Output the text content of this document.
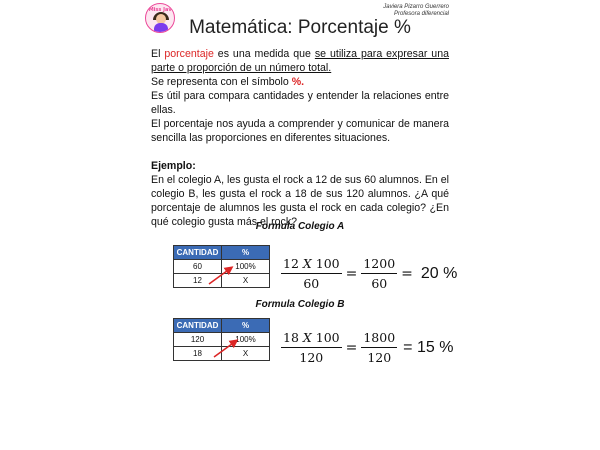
Miss Javi	Javiera Pizarro Guerrero
Profesora diferencial
Matemática: Porcentaje %

El porcentaje es una medida que se utiliza para expresar una parte o proporción de un número total.

Se representa con el símbolo %.

Es útil para compara cantidades y entender la relaciones entre ellas.

El porcentaje nos ayuda a comprender y comunicar de manera sencilla las proporciones en diferentes situaciones.

Ejemplo:

En el colegio A, les gusta el rock a 12 de sus 60 alumnos. En el colegio B, les gusta el rock a 18 de sus 120 alumnos. ¿A qué porcentaje de alumnos les gusta el rock en cada colegio? ¿En qué colegio gusta más el rock?

Formula Colegio A
CANTIDAD	%
60	100%
12	X	$\frac{\text{12 𝑋 100}}{60} = \frac{1200}{60} = 20$ %
Formula Colegio B
CANTIDAD	%
120	100%
18	X	$\frac{\text{18 𝑋 100}}{120} = \frac{1800}{120} = 15$ %
